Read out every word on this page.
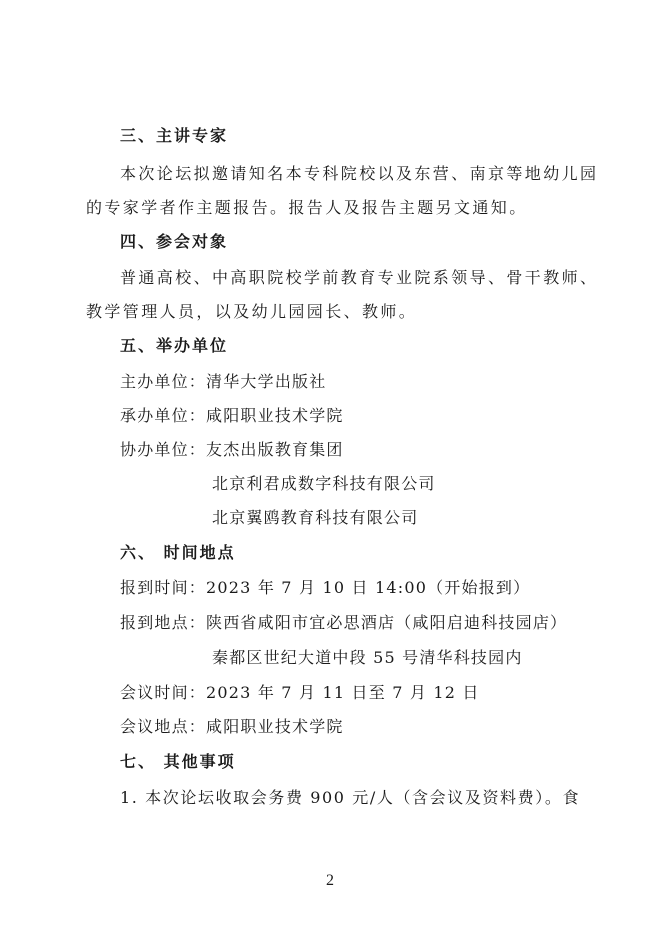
三、主讲专家
本次论坛拟邀请知名本专科院校以及东营、南京等地幼儿园
的专家学者作主题报告。报告人及报告主题另文通知。
四、参会对象
普通高校、中高职院校学前教育专业院系领导、骨干教师、
教学管理人员，以及幼儿园园长、教师。
五、举办单位
主办单位：清华大学出版社
承办单位：咸阳职业技术学院
协办单位：友杰出版教育集团
北京利君成数字科技有限公司
北京翼鸥教育科技有限公司
六、 时间地点
报到时间：2023 年 7 月 10 日 14:00（开始报到）
报到地点：陕西省咸阳市宜必思酒店（咸阳启迪科技园店）
秦都区世纪大道中段 55 号清华科技园内
会议时间：2023 年 7 月 11 日至 7 月 12 日
会议地点：咸阳职业技术学院
七、 其他事项
1. 本次论坛收取会务费 900 元/人（含会议及资料费）。食
2
